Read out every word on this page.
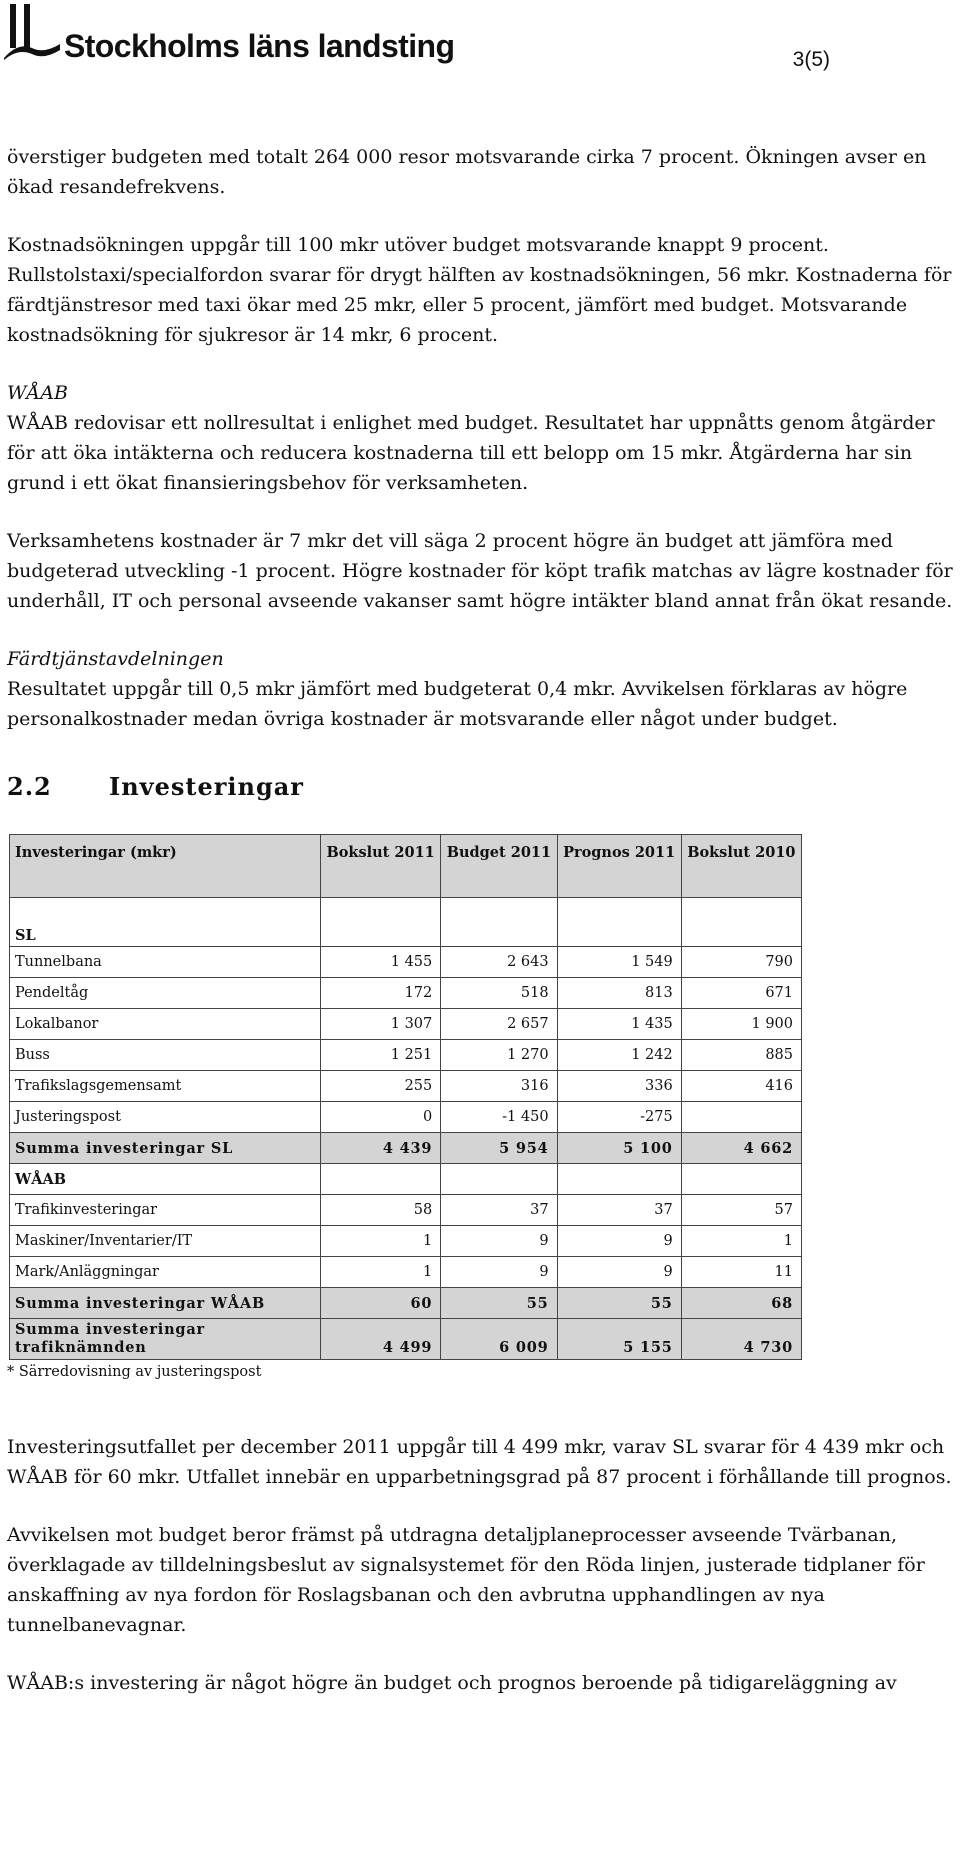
Stockholms läns landsting	3(5)

överstiger budgeten med totalt 264 000 resor motsvarande cirka 7 procent. Ökningen avser en ökad resandefrekvens.

Kostnadsökningen uppgår till 100 mkr utöver budget motsvarande knappt 9 procent. Rullstolstaxi/specialfordon svarar för drygt hälften av kostnadsökningen, 56 mkr. Kostnaderna för färdtjänstresor med taxi ökar med 25 mkr, eller 5 procent, jämfört med budget. Motsvarande kostnadsökning för sjukresor är 14 mkr, 6 procent.

WÅAB

WÅAB redovisar ett nollresultat i enlighet med budget. Resultatet har uppnåtts genom åtgärder för att öka intäkterna och reducera kostnaderna till ett belopp om 15 mkr. Åtgärderna har sin grund i ett ökat finansieringsbehov för verksamheten.

Verksamhetens kostnader är 7 mkr det vill säga 2 procent högre än budget att jämföra med budgeterad utveckling -1 procent. Högre kostnader för köpt trafik matchas av lägre kostnader för underhåll, IT och personal avseende vakanser samt högre intäkter bland annat från ökat resande.

Färdtjänstavdelningen

Resultatet uppgår till 0,5 mkr jämfört med budgeterat 0,4 mkr. Avvikelsen förklaras av högre personalkostnader medan övriga kostnader är motsvarande eller något under budget.

2.2 Investeringar
Investeringar (mkr)	Bokslut 2011	Budget 2011	Prognos 2011	Bokslut 2010
SL				
Tunnelbana	1 455	2 643	1 549	790
Pendeltåg	172	518	813	671
Lokalbanor	1 307	2 657	1 435	1 900
Buss	1 251	1 270	1 242	885
Trafikslagsgemensamt	255	316	336	416
Justeringspost	0	-1 450	-275	
Summa investeringar SL	4 439	5 954	5 100	4 662
WÅAB				
Trafikinvesteringar	58	37	37	57
Maskiner/Inventarier/IT	1	9	9	1
Mark/Anläggningar	1	9	9	11
Summa investeringar WÅAB	60	55	55	68
Summa investeringar
trafiknämnden	4 499	6 009	5 155	4 730
* Särredovisning av justeringspost

Investeringsutfallet per december 2011 uppgår till 4 499 mkr, varav SL svarar för 4 439 mkr och WÅAB för 60 mkr. Utfallet innebär en upparbetningsgrad på 87 procent i förhållande till prognos.

Avvikelsen mot budget beror främst på utdragna detaljplaneprocesser avseende Tvärbanan, överklagade av tilldelningsbeslut av signalsystemet för den Röda linjen, justerade tidplaner för anskaffning av nya fordon för Roslagsbanan och den avbrutna upphandlingen av nya tunnelbanevagnar.

WÅAB:s investering är något högre än budget och prognos beroende på tidigareläggning av
